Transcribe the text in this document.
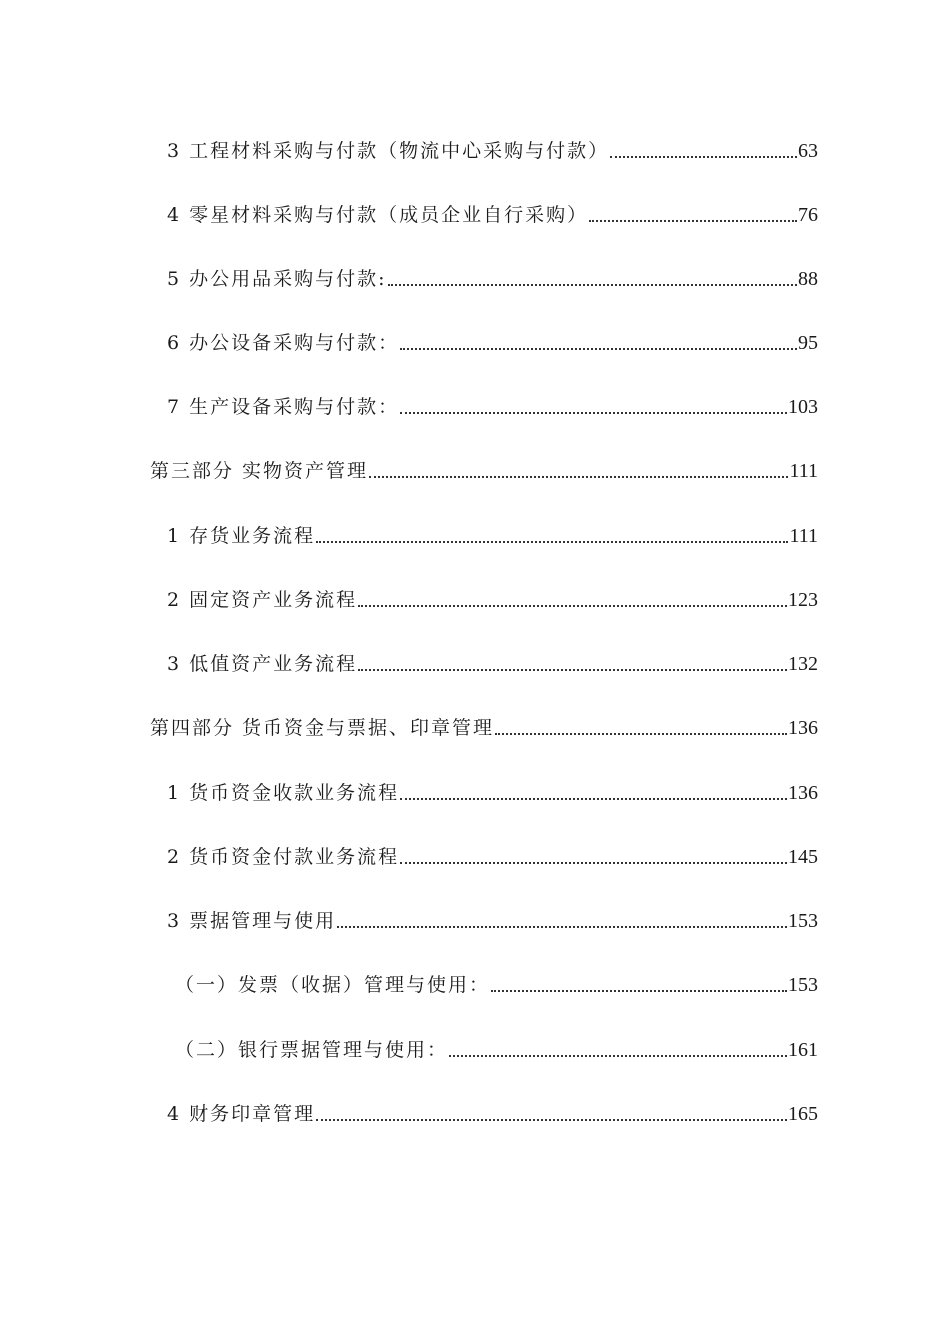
3 工程材料采购与付款（物流中心采购与付款）	63
4 零星材料采购与付款（成员企业自行采购）	76
5 办公用品采购与付款:	88
6 办公设备采购与付款：	95
7 生产设备采购与付款：	103
第三部分 实物资产管理	111
1 存货业务流程	111
2 固定资产业务流程	123
3 低值资产业务流程	132
第四部分 货币资金与票据、印章管理	136
1 货币资金收款业务流程	136
2 货币资金付款业务流程	145
3 票据管理与使用	153
（一）发票（收据）管理与使用：	153
（二）银行票据管理与使用：	161
4 财务印章管理	165
